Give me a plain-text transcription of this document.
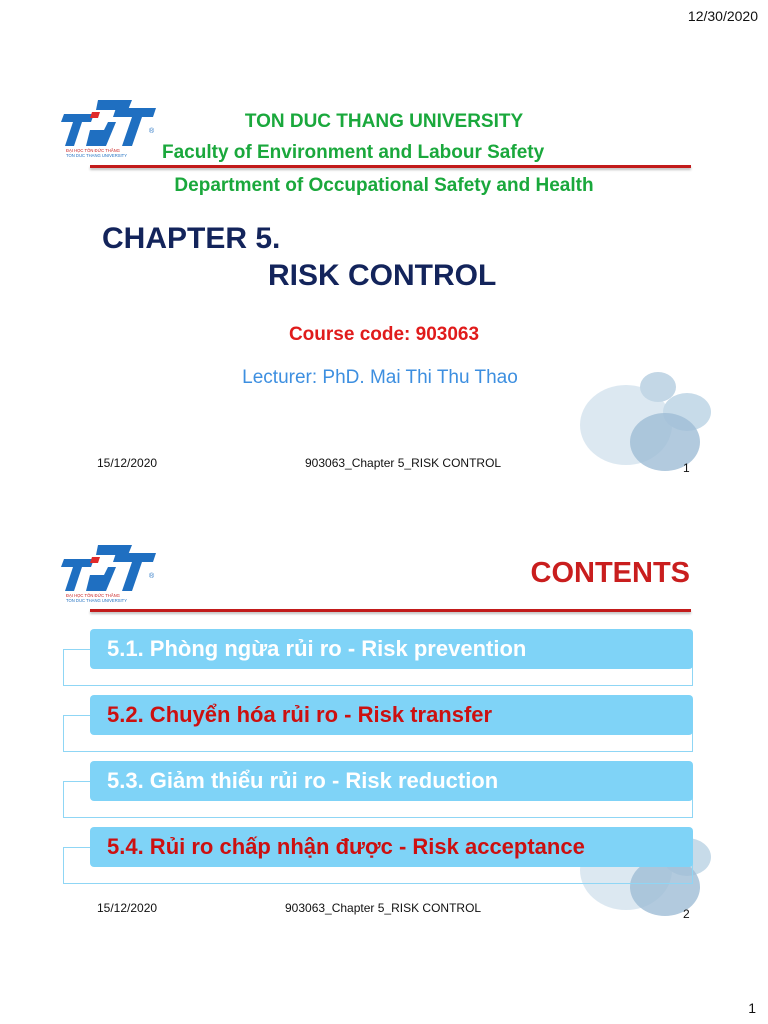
12/30/2020
1
ĐẠI HỌC TÔN ĐỨC THẮNG
TON DUC THANG UNIVERSITY
®	TON DUC THANG UNIVERSITY
Faculty of Environment and Labour Safety
Department of Occupational Safety and Health
CHAPTER 5.
RISK CONTROL
Course code: 903063
Lecturer: PhD. Mai Thi Thu Thao
15/12/2020	903063_Chapter 5_RISK CONTROL	1
ĐẠI HỌC TÔN ĐỨC THẮNG
TON DUC THANG UNIVERSITY
®	CONTENTS
5.1. Phòng ngừa rủi ro - Risk prevention
5.2. Chuyển hóa rủi ro - Risk transfer
5.3. Giảm thiểu rủi ro - Risk reduction
5.4. Rủi ro chấp nhận được - Risk acceptance
15/12/2020	903063_Chapter 5_RISK CONTROL	2
